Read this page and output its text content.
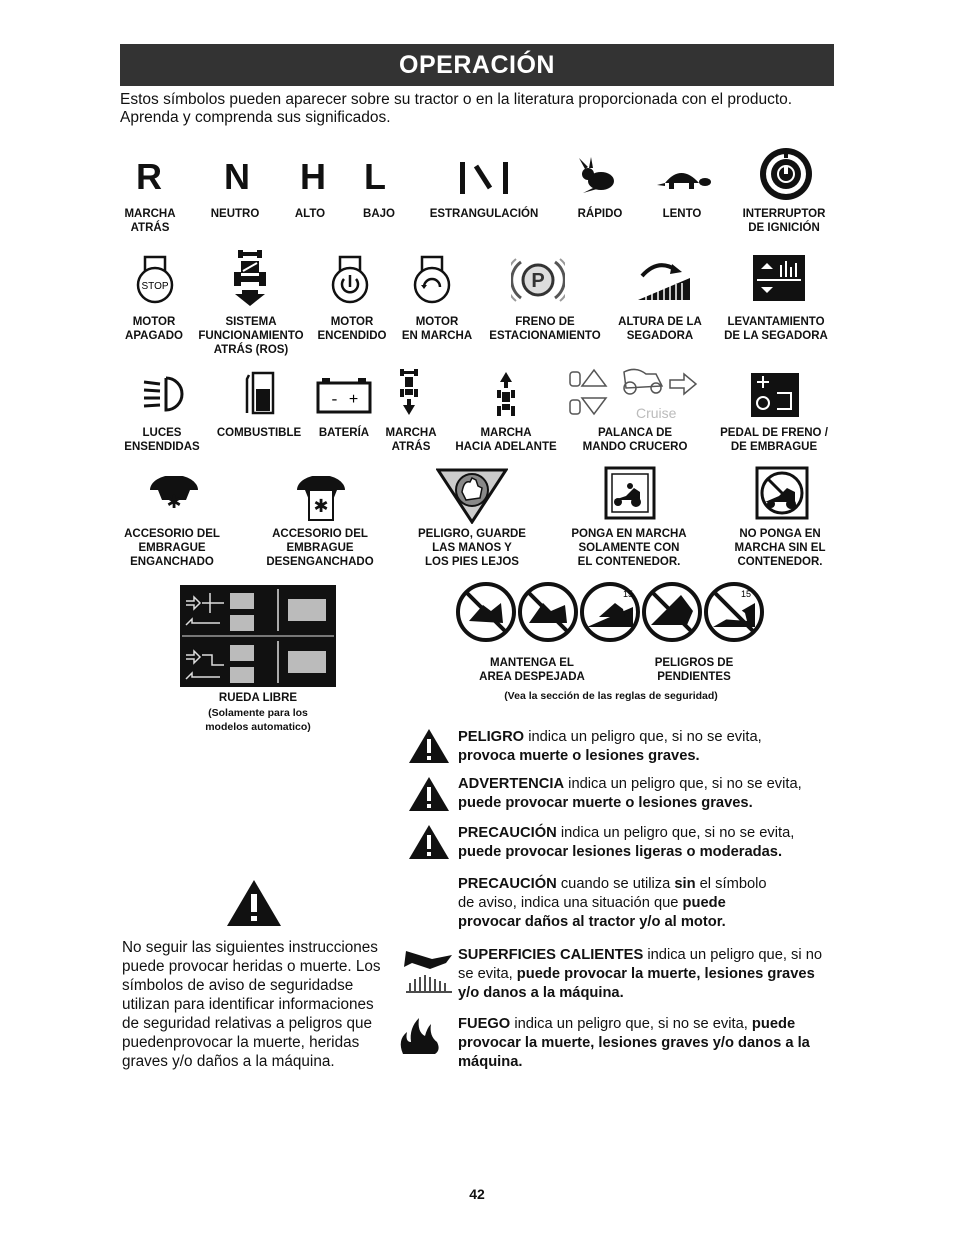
OPERACIÓN
Estos símbolos pueden aparecer sobre su tractor o en la literatura proporcionada con el producto. Aprenda y comprenda sus significados.
R N H L
MARCHA
ATRÁS
NEUTRO	ALTO	BAJO	ESTRANGULACIÓN	RÁPIDO	LENTO	INTERRUPTOR
DE IGNICIÓN
STOP	P
MOTOR
APAGADO
SISTEMA
FUNCIONAMIENTO
ATRÁS (ROS)
MOTOR
ENCENDIDO
MOTOR
EN MARCHA
FRENO DE
ESTACIONAMIENTO
ALTURA DE LA
SEGADORA
LEVANTAMIENTO
DE LA SEGADORA
- +
Cruise
LUCES
ENSENDIDAS
COMBUSTIBLE	BATERÍA	MARCHA
ATRÁS
MARCHA
HACIA ADELANTE
PALANCA DE
MANDO CRUCERO
PEDAL DE FRENO /
DE EMBRAGUE
✱	✱
ACCESORIO DEL
EMBRAGUE
ENGANCHADO
ACCESORIO DEL
EMBRAGUE
DESENGANCHADO
PELIGRO, GUARDE
LAS MANOS Y
LOS PIES LEJOS
PONGA EN MARCHA
SOLAMENTE CON
EL CONTENEDOR.
NO PONGA EN
MARCHA SIN EL
CONTENEDOR.
RUEDA LIBRE
(Solamente para los
modelos automatico)
15	15
MANTENGA EL
AREA DESPEJADA
PELIGROS DE
PENDIENTES
(Vea la sección de las reglas de seguridad)
PELIGRO indica un peligro que, si no se evita,
provoca muerte o lesiones graves.
ADVERTENCIA indica un peligro que, si no se evita,
puede provocar muerte o lesiones graves.
PRECAUCIÓN indica un peligro que, si no se evita,
puede provocar lesiones ligeras o moderadas.
PRECAUCIÓN cuando se utiliza sin el símbolo de aviso, indica una situación que puede provocar daños al tractor y/o al motor.
No seguir las siguientes instrucciones puede provocar heridas o muerte. Los símbolos de aviso de seguridadse utilizan para identificar informaciones de seguridad relativas a peligros que puedenprovocar la muerte, heridas graves y/o daños a la máquina.
SUPERFICIES CALIENTES indica un peligro que, si no se evita, puede provocar la muerte, lesiones graves y/o danos a la máquina.
FUEGO indica un peligro que, si no se evita, puede provocar la muerte, lesiones graves y/o danos a la máquina.
42
